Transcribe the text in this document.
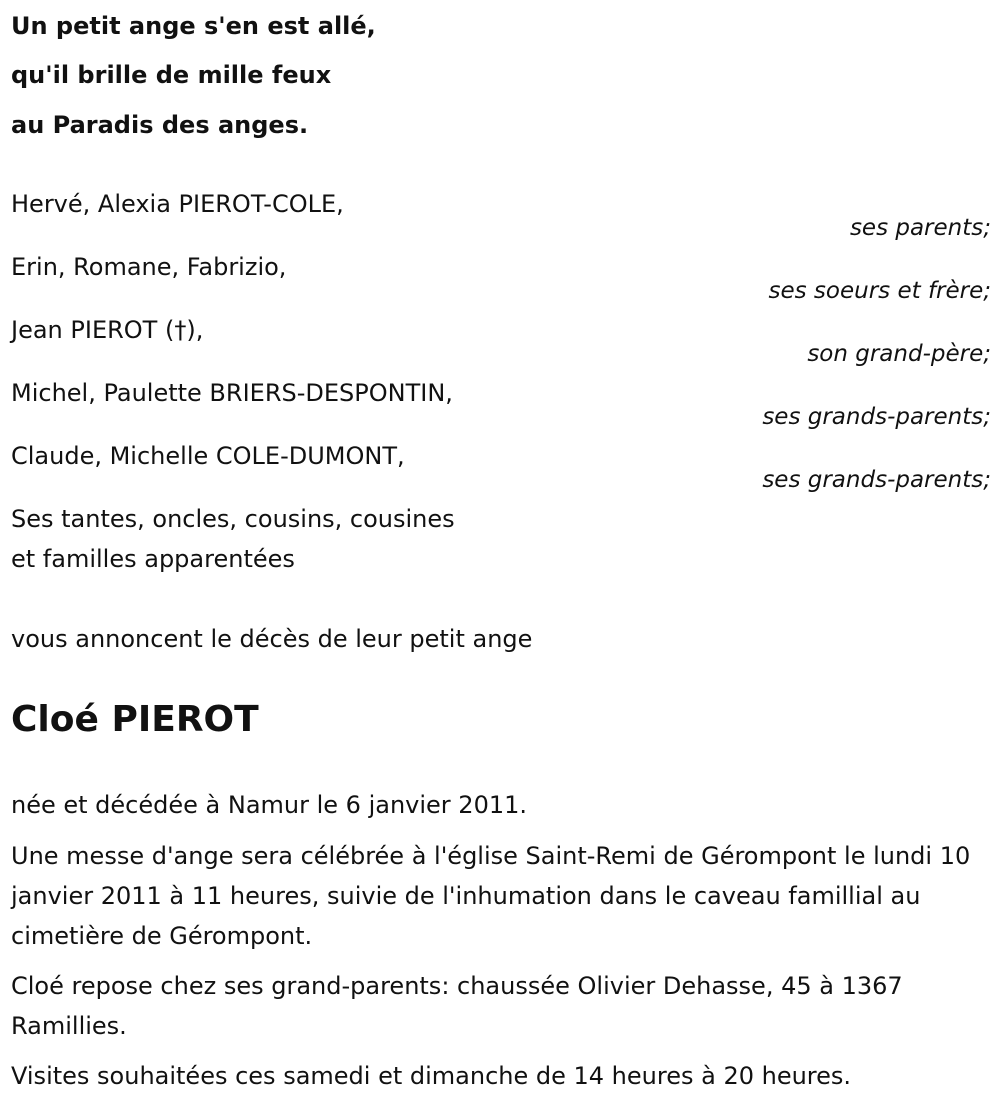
Un petit ange s'en est allé,
qu'il brille de mille feux
au Paradis des anges.
Hervé, Alexia PIEROT-COLE,
ses parents;
Erin, Romane, Fabrizio,
ses soeurs et frère;
Jean PIEROT (†),
son grand-père;
Michel, Paulette BRIERS-DESPONTIN,
ses grands-parents;
Claude, Michelle COLE-DUMONT,
ses grands-parents;
Ses tantes, oncles, cousins, cousines
et familles apparentées
vous annoncent le décès de leur petit ange
Cloé PIEROT
née et décédée à Namur le 6 janvier 2011.
Une messe d'ange sera célébrée à l'église Saint-Remi de Gérompont le lundi 10 janvier 2011 à 11 heures, suivie de l'inhumation dans le caveau famillial au cimetière de Gérompont.
Cloé repose chez ses grand-parents: chaussée Olivier Dehasse, 45 à 1367 Ramillies.
Visites souhaitées ces samedi et dimanche de 14 heures à 20 heures.
